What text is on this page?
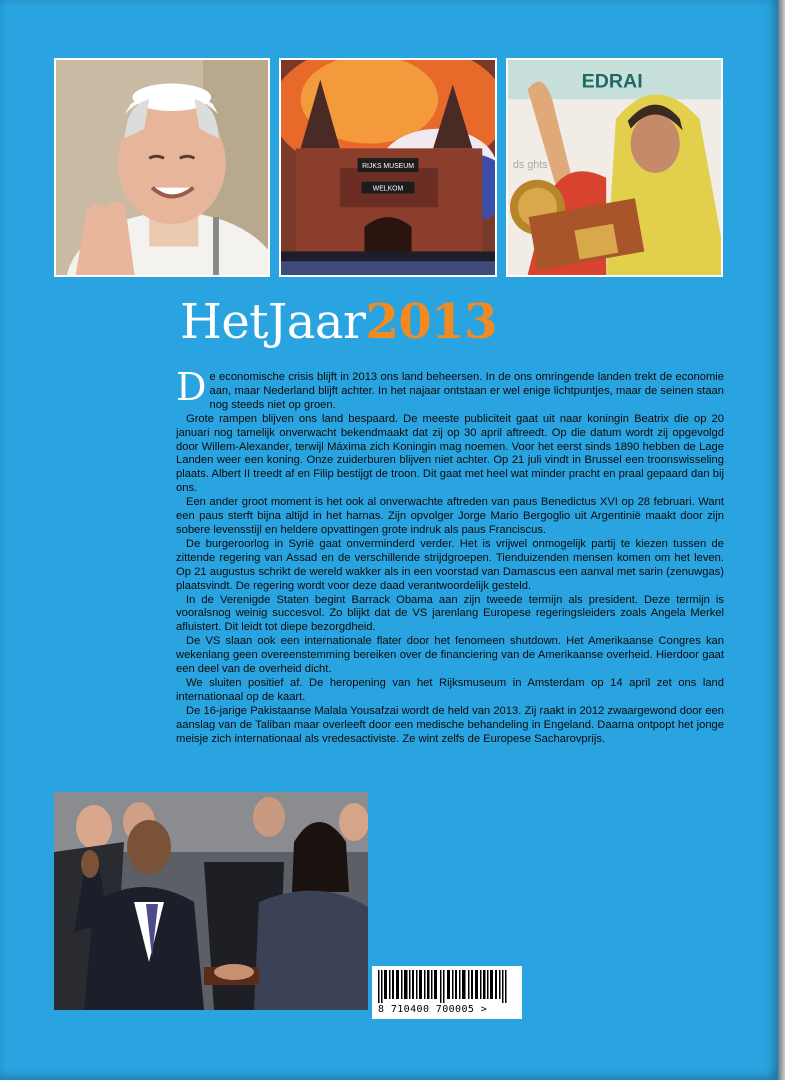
RIJKS MUSEUM
WELKOM
EDRAI
ds ghts
HetJaar2013

De economische crisis blijft in 2013 ons land beheersen. In de ons omringende landen trekt de economie aan, maar Nederland blijft achter. In het najaar ontstaan er wel enige lichtpuntjes, maar de seinen staan nog steeds niet op groen.

Grote rampen blijven ons land bespaard. De meeste publiciteit gaat uit naar koningin Beatrix die op 20 januari nog tamelijk onverwacht bekendmaakt dat zij op 30 april aftreedt. Op die datum wordt zij opgevolgd door Willem-Alexander, terwijl Máxima zich Koningin mag noemen. Voor het eerst sinds 1890 hebben de Lage Landen weer een koning. Onze zuiderburen blijven niet achter. Op 21 juli vindt in Brussel een troonswisseling plaats. Albert II treedt af en Filip bestijgt de troon. Dit gaat met heel wat minder pracht en praal gepaard dan bij ons.

Een ander groot moment is het ook al onverwachte aftreden van paus Benedictus XVI op 28 februari. Want een paus sterft bijna altijd in het harnas. Zijn opvolger Jorge Mario Bergoglio uit Argentinië maakt door zijn sobere levensstijl en heldere opvattingen grote indruk als paus Franciscus.

De burgeroorlog in Syrië gaat onverminderd verder. Het is vrijwel onmogelijk partij te kiezen tussen de zittende regering van Assad en de verschillende strijdgroepen. Tienduizenden mensen komen om het leven. Op 21 augustus schrikt de wereld wakker als in een voorstad van Damascus een aanval met sarin (zenuwgas) plaatsvindt. De regering wordt voor deze daad verantwoordelijk gesteld.

In de Verenigde Staten begint Barrack Obama aan zijn tweede termijn als president. Deze termijn is vooralsnog weinig succesvol. Zo blijkt dat de VS jarenlang Europese regeringsleiders zoals Angela Merkel afluistert. Dit leidt tot diepe bezorgdheid.

De VS slaan ook een internationale flater door het fenomeen shutdown. Het Amerikaanse Congres kan wekenlang geen overeenstemming bereiken over de financiering van de Amerikaanse overheid. Hierdoor gaat een deel van de overheid dicht.

We sluiten positief af. De heropening van het Rijksmuseum in Amsterdam op 14 april zet ons land internationaal op de kaart.

De 16-jarige Pakistaanse Malala Yousafzai wordt de held van 2013. Zij raakt in 2012 zwaargewond door een aanslag van de Taliban maar overleeft door een medische behandeling in Engeland. Daarna ontpopt het jonge meisje zich internationaal als vredesactiviste. Ze wint zelfs de Europese Sacharovprijs.

8 710400 700005 >
